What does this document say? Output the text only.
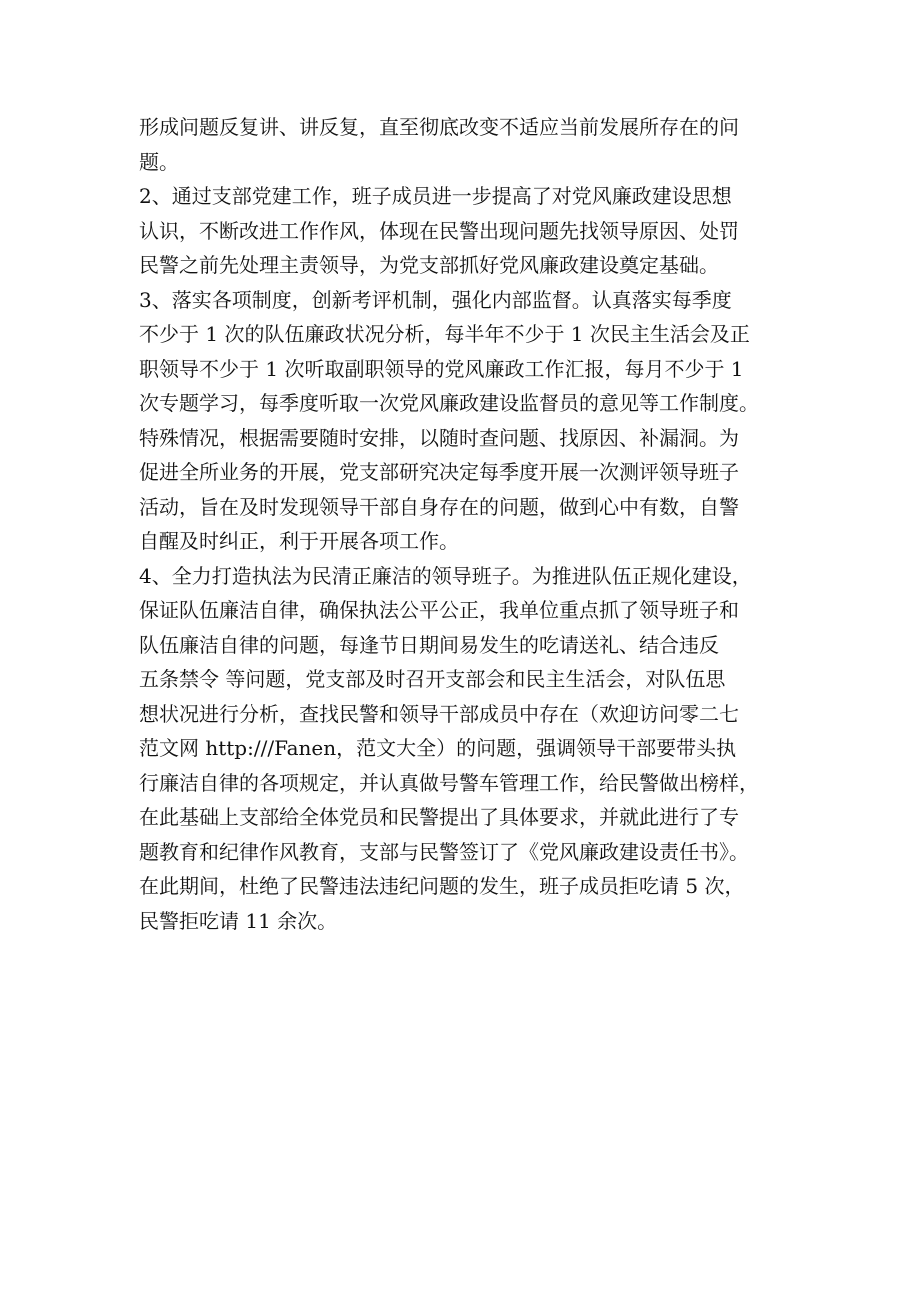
形成问题反复讲、讲反复，直至彻底改变不适应当前发展所存在的问
题。
2、通过支部党建工作，班子成员进一步提高了对党风廉政建设思想
认识，不断改进工作作风，体现在民警出现问题先找领导原因、处罚
民警之前先处理主责领导，为党支部抓好党风廉政建设奠定基础。
3、落实各项制度，创新考评机制，强化内部监督。认真落实每季度
不少于 1 次的队伍廉政状况分析，每半年不少于 1 次民主生活会及正
职领导不少于 1 次听取副职领导的党风廉政工作汇报，每月不少于 1
次专题学习，每季度听取一次党风廉政建设监督员的意见等工作制度。
特殊情况，根据需要随时安排，以随时查问题、找原因、补漏洞。为
促进全所业务的开展，党支部研究决定每季度开展一次测评领导班子
活动，旨在及时发现领导干部自身存在的问题，做到心中有数，自警
自醒及时纠正，利于开展各项工作。
4、全力打造执法为民清正廉洁的领导班子。为推进队伍正规化建设，
保证队伍廉洁自律，确保执法公平公正，我单位重点抓了领导班子和
队伍廉洁自律的问题，每逢节日期间易发生的吃请送礼、结合违反
五条禁令 等问题，党支部及时召开支部会和民主生活会，对队伍思
想状况进行分析，查找民警和领导干部成员中存在（欢迎访问零二七
范文网 http:///Fanen，范文大全）的问题，强调领导干部要带头执
行廉洁自律的各项规定，并认真做号警车管理工作，给民警做出榜样，
在此基础上支部给全体党员和民警提出了具体要求，并就此进行了专
题教育和纪律作风教育，支部与民警签订了《党风廉政建设责任书》。
在此期间，杜绝了民警违法违纪问题的发生，班子成员拒吃请 5 次，
民警拒吃请 11 余次。
